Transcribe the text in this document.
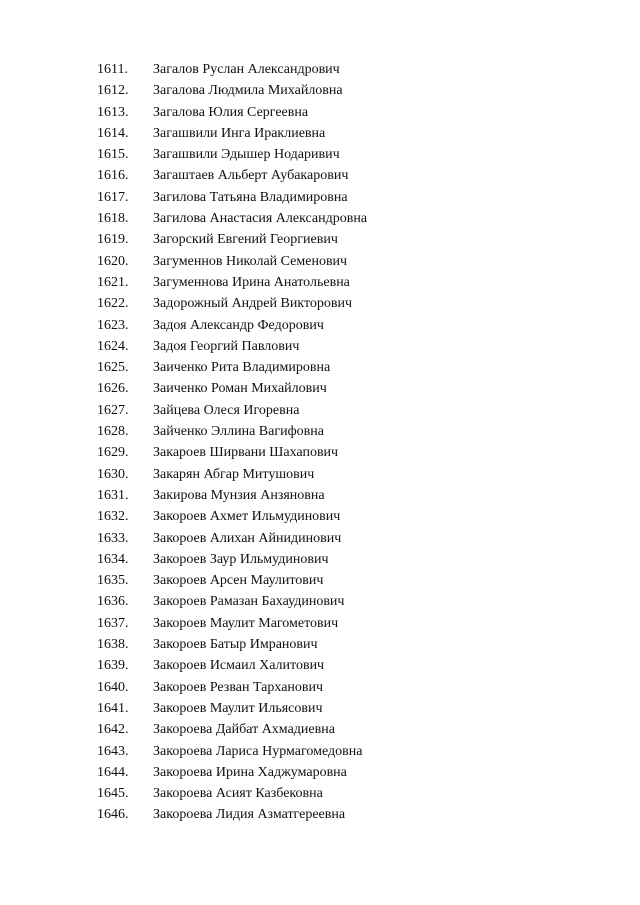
1611. Загалов Руслан Александрович
1612. Загалова Людмила Михайловна
1613. Загалова Юлия Сергеевна
1614. Загашвили Инга Ираклиевна
1615. Загашвили Эдышер Нодаривич
1616. Загаштаев Альберт Аубакарович
1617. Загилова Татьяна Владимировна
1618. Загилова Анастасия Александровна
1619. Загорский Евгений Георгиевич
1620. Загуменнов Николай Семенович
1621. Загуменнова Ирина Анатольевна
1622. Задорожный Андрей Викторович
1623. Задоя Александр Федорович
1624. Задоя Георгий Павлович
1625. Заиченко Рита Владимировна
1626. Заиченко Роман Михайлович
1627. Зайцева Олеся Игоревна
1628. Зайченко Эллина Вагифовна
1629. Закароев Ширвани Шахапович
1630. Закарян Абгар Митушович
1631. Закирова Мунзия Анзяновна
1632. Закороев Ахмет Ильмудинович
1633. Закороев Алихан Айнидинович
1634. Закороев Заур Ильмудинович
1635. Закороев Арсен Маулитович
1636. Закороев Рамазан Бахаудинович
1637. Закороев Маулит Магометович
1638. Закороев Батыр Имранович
1639. Закороев Исмаил Халитович
1640. Закороев Резван Тарханович
1641. Закороев Маулит Ильясович
1642. Закороева Дайбат Ахмадиевна
1643. Закороева Лариса Нурмагомедовна
1644. Закороева Ирина Хаджумаровна
1645. Закороева Асият Казбековна
1646. Закороева Лидия Азматгереевна
